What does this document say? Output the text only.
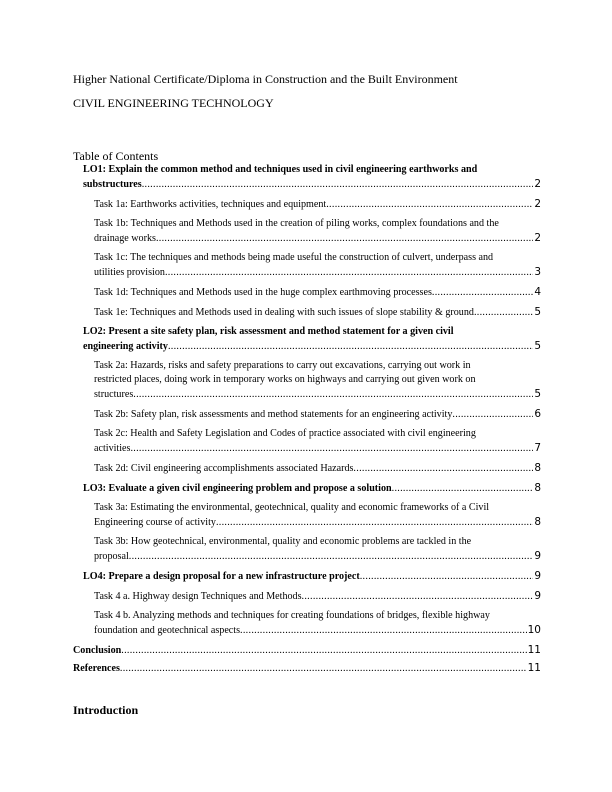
Higher National Certificate/Diploma in Construction and the Built Environment
CIVIL ENGINEERING TECHNOLOGY
Table of Contents
LO1: Explain the common method and techniques used in civil engineering earthworks and
substructures .....	2
Task 1a: Earthworks activities, techniques and equipment .....	2
Task 1b: Techniques and Methods used in the creation of piling works, complex foundations and the
drainage works .....	2
Task 1c: The techniques and methods being made useful the construction of culvert, underpass and
utilities provision .....	3
Task 1d: Techniques and Methods used in the huge complex earthmoving processes .....	4
Task 1e: Techniques and Methods used in dealing with such issues of slope stability & ground .....	5
LO2: Present a site safety plan, risk assessment and method statement for a given civil
engineering activity .....	5
Task 2a: Hazards, risks and safety preparations to carry out excavations, carrying out work in
restricted places, doing work in temporary works on highways and carrying out given work on
structures .....	5
Task 2b: Safety plan, risk assessments and method statements for an engineering activity .....	6
Task 2c: Health and Safety Legislation and Codes of practice associated with civil engineering
activities .....	7
Task 2d: Civil engineering accomplishments associated Hazards .....	8
LO3: Evaluate a given civil engineering problem and propose a solution .....	8
Task 3a: Estimating the environmental, geotechnical, quality and economic frameworks of a Civil
Engineering course of activity .....	8
Task 3b: How geotechnical, environmental, quality and economic problems are tackled in the
proposal .....	9
LO4: Prepare a design proposal for a new infrastructure project .....	9
Task 4 a. Highway design Techniques and Methods .....	9
Task 4 b. Analyzing methods and techniques for creating foundations of bridges, flexible highway
foundation and geotechnical aspects .....	10
Conclusion .....	11
References .....	11
Introduction
